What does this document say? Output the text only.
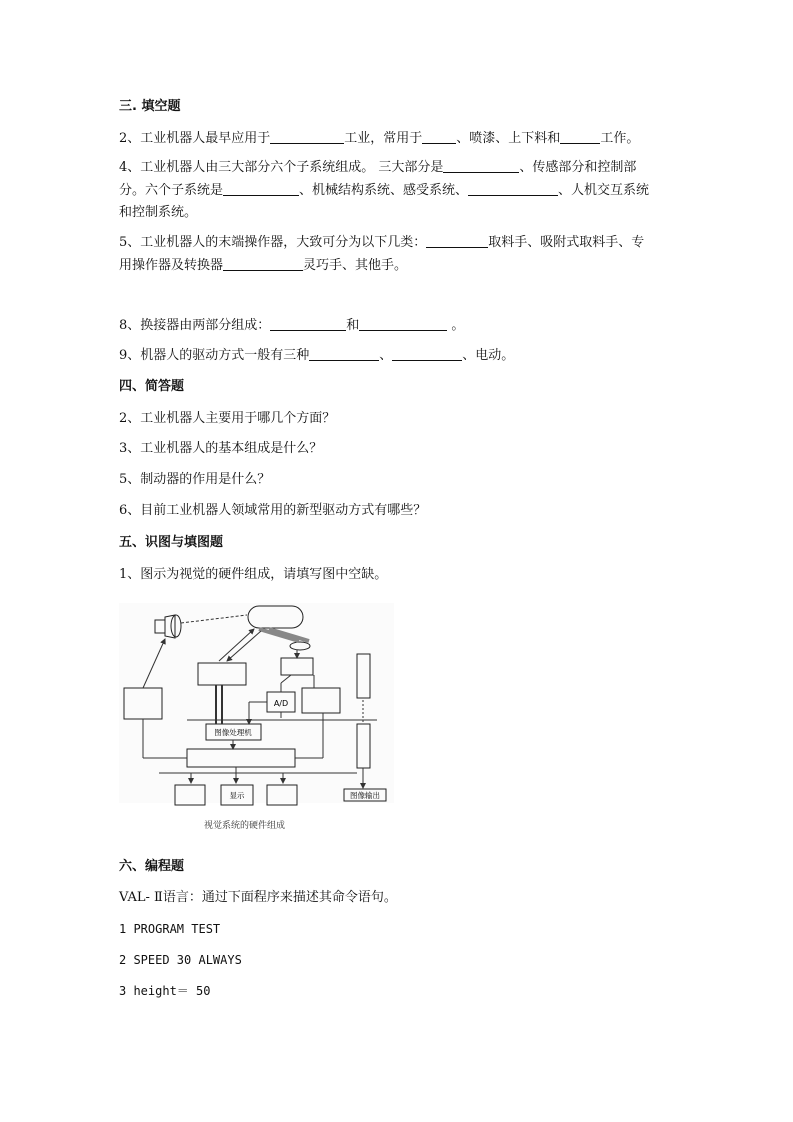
三. 填空题
2、工业机器人最早应用于	工业，常用于	、喷漆、上下料和	工作。
4、工业机器人由三大部分六个子系统组成。 三大部分是	、传感部分和控制部
分。六个子系统是	、机械结构系统、感受系统、	、人机交互系统
和控制系统。
5、工业机器人的末端操作器，大致可分为以下几类：	取料手、吸附式取料手、专
用操作器及转换器	灵巧手、其他手。
8、换接器由两部分组成：	和	。
9、机器人的驱动方式一般有三种	、	、电动。
四、简答题
2、工业机器人主要用于哪几个方面？
3、工业机器人的基本组成是什么？
5、制动器的作用是什么？
6、目前工业机器人领域常用的新型驱动方式有哪些？
五、识图与填图题
1、图示为视觉的硬件组成，请填写图中空缺。
A/D
图像处理机
显示	图像输出
视觉系统的硬件组成
六、编程题
VAL- Ⅱ语言：通过下面程序来描述其命令语句。
1 PROGRAM TEST
2 SPEED 30 ALWAYS
3 height＝ 50
